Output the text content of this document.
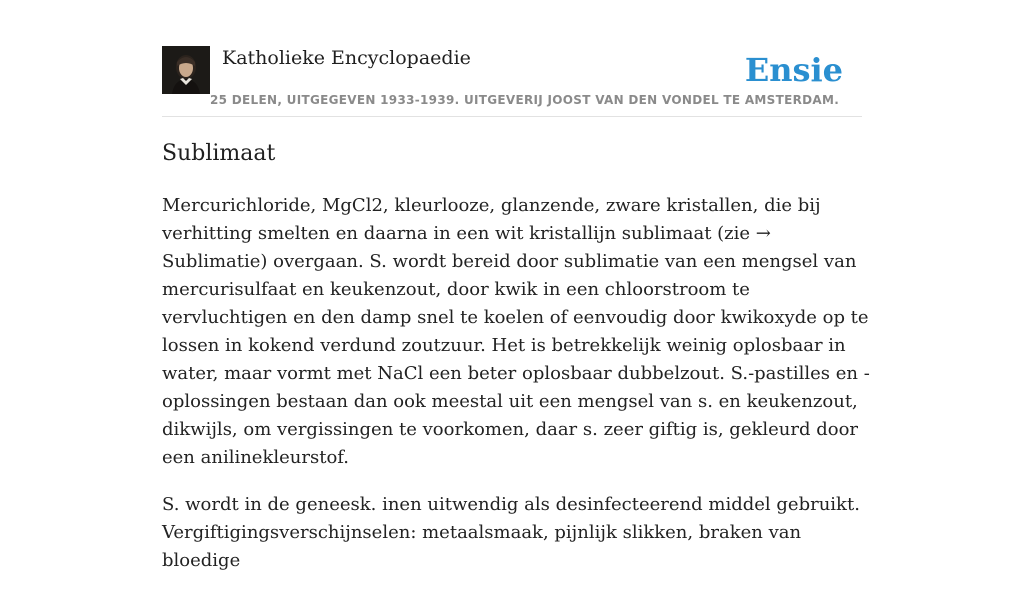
Katholieke Encyclopaedie
25 DELEN, UITGEGEVEN 1933-1939. UITGEVERIJ JOOST VAN DEN VONDEL TE AMSTERDAM.
Ensie
Sublimaat

Mercurichloride, MgCl2, kleurlooze, glanzende, zware kristallen, die bij verhitting smelten en daarna in een wit kristallijn sublimaat (zie → Sublimatie) overgaan. S. wordt bereid door sublimatie van een mengsel van mercurisulfaat en keukenzout, door kwik in een chloorstroom te vervluchtigen en den damp snel te koelen of eenvoudig door kwikoxyde op te lossen in kokend verdund zoutzuur. Het is betrekkelijk weinig oplosbaar in water, maar vormt met NaCl een beter oplosbaar dubbelzout. S.-pastilles en -oplossingen bestaan dan ook meestal uit een mengsel van s. en keukenzout, dikwijls, om vergissingen te voorkomen, daar s. zeer giftig is, gekleurd door een anilinekleurstof.

S. wordt in de geneesk. inen uitwendig als desinfecteerend middel gebruikt. Vergiftigingsverschijnselen: metaalsmaak, pijnlijk slikken, braken van bloedige
